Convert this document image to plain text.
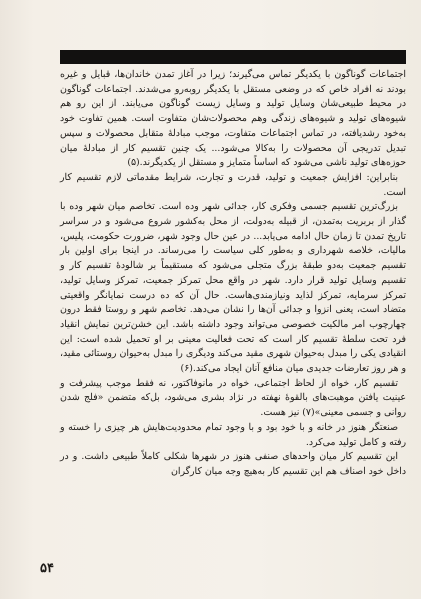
اجتماعات گوناگون با یکدیگر تماس می‌گیرند؛ زیرا در آغاز تمدن خاندان‌ها، قبایل و غیره بودند نه افراد خاص که در وضعی مستقل با یکدیگر روبه‌رو می‌شدند. اجتماعات گوناگون در محیط طبیعی‌شان وسایل تولید و وسایل زیست گوناگون می‌یابند. از این رو هم شیوه‌های تولید و شیوه‌های زندگی وهم محصولات‌شان متفاوت است. همین تفاوت خود به‌خود رشدیافته، در تماس اجتماعات متفاوت، موجب مبادلهٔ متقابل محصولات و سپس تبدیل تدریجی آن محصولات را به‌کالا می‌شود... یک چنین تقسیم کار از مبادلهٔ میان حوزه‌های تولید ناشی می‌شود که اساساً متمایز و مستقل از یکدیگرند.(۵)

بنابراین: افزایش جمعیت و تولید، قدرت و تجارت، شرایط مقدماتی لازم تقسیم کار است.

بزرگ‌ترین تقسیم جسمی وفکری کار، جدائی شهر وده است. تخاصم میان شهر وده با گذار از بربریت به‌تمدن، از قبیله به‌دولت، از محل به‌کشور شروع می‌شود و در سراسر تاریخ تمدن تا زمان حال ادامه می‌یابد... در عین حال وجود شهر، ضرورت حکومت، پلیس، مالیات، خلاصه شهرداری و به‌طور کلی سیاست را می‌رساند. در اینجا برای اولین بار تقسیم جمعیت به‌دو طبقهٔ بزرگ متجلی می‌شود که مستقیماً بر شالودهٔ تقسیم کار و تقسیم وسایل تولید قرار دارد. شهر در واقع محل تمرکز جمعیت، تمرکز وسایل تولید، تمرکز سرمایه، تمرکز لذاید ونیازمندی‌هاست. حال آن که ده درست نمایانگر واقعیتی متضاد است، یعنی انزوا و جدائی آن‌ها را نشان می‌دهد. تخاصم شهر و روستا فقط درون چهارچوب امر مالکیت خصوصی می‌تواند وجود داشته باشد. این خشن‌ترین نمایش انقیاد فرد تحت سلطهٔ تقسیم کار است که تحت فعالیت معینی بر او تحمیل شده است: این انقیادی یکی را مبدل به‌حیوان شهری مقید می‌کند ودیگری را مبدل به‌حیوان روستائی مقید، و هر روز تعارضات جدیدی میان منافع آنان ایجاد می‌کند.(۶)

تقسیم کار، خواه از لحاظ اجتماعی، خواه در مانوفاکتور، نه فقط موجب پیشرفت و عینیت یافتن موهبت‌های بالقوهٔ نهفته در نژاد بشری می‌شود، بل‌که متضمن «فلج شدن روانی و جسمی معینی»(۷) نیز هست.

صنعتگر هنوز در خانه و با خود بود و با وجود تمام محدودیت‌هایش هر چیزی را خسته و رفته و کامل تولید می‌کرد.

این تقسیم کار میان واحدهای صنفی هنوز در شهرها شکلی کاملاً طبیعی داشت. و در داخل خود اصناف هم این تقسیم کار به‌هیچ وجه میان کارگران

۵۴
